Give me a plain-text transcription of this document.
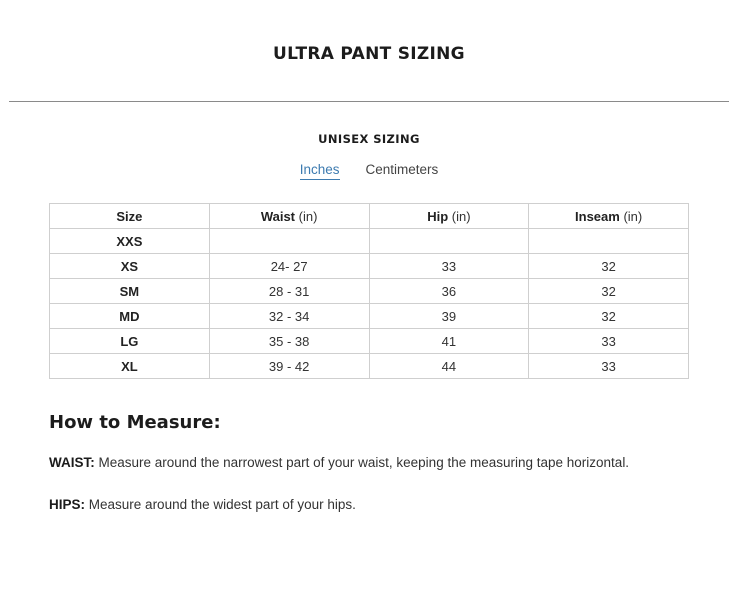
ULTRA PANT SIZING
UNISEX SIZING
Inches Centimeters
Size	Waist (in)	Hip (in)	Inseam (in)
XXS			
XS	24- 27	33	32
SM	28 - 31	36	32
MD	32 - 34	39	32
LG	35 - 38	41	33
XL	39 - 42	44	33
How to Measure:
WAIST: Measure around the narrowest part of your waist, keeping the measuring tape horizontal.
HIPS: Measure around the widest part of your hips.
